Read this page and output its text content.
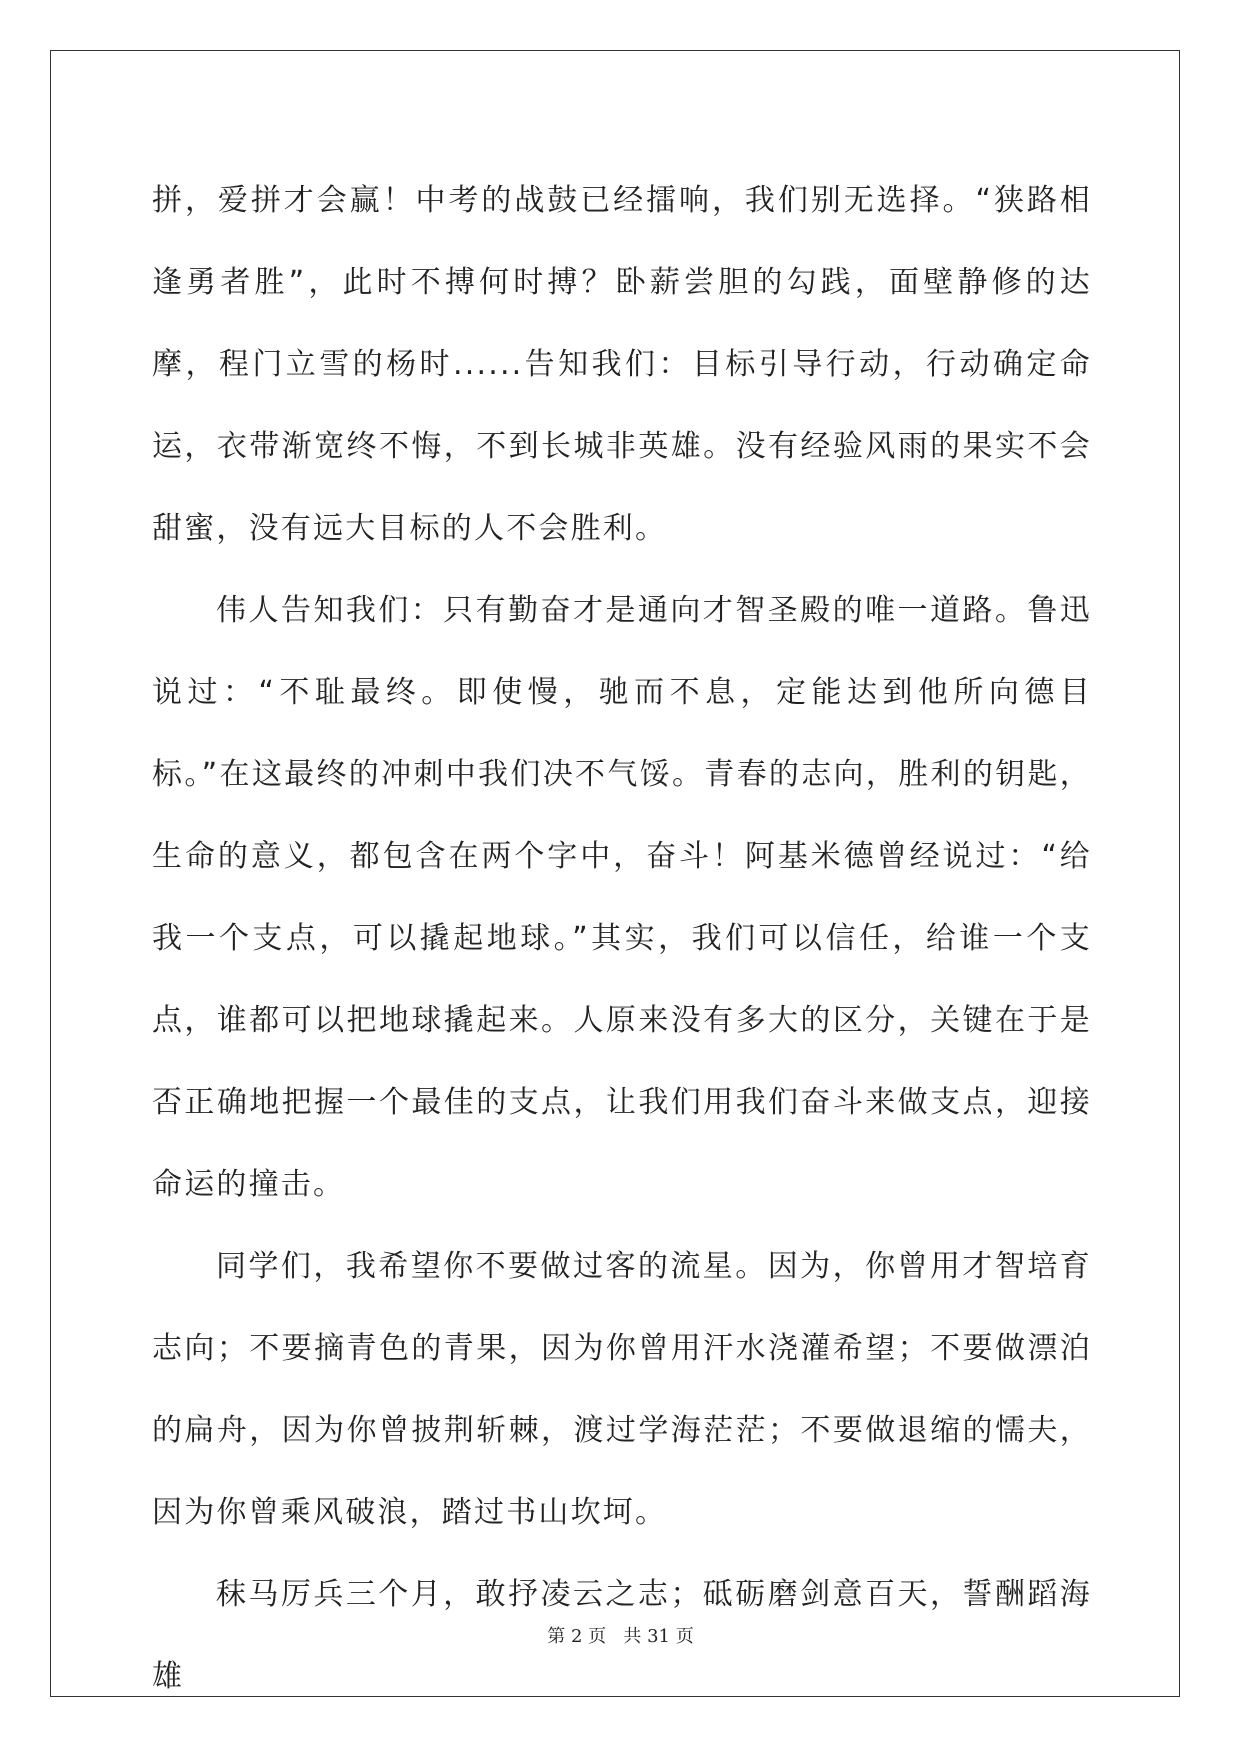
拼，爱拼才会赢！中考的战鼓已经擂响，我们别无选择。“狭路相逢勇者胜”，此时不搏何时搏？卧薪尝胆的勾践，面壁静修的达摩，程门立雪的杨时......告知我们：目标引导行动，行动确定命运，衣带渐宽终不悔，不到长城非英雄。没有经验风雨的果实不会甜蜜，没有远大目标的人不会胜利。

伟人告知我们：只有勤奋才是通向才智圣殿的唯一道路。鲁迅说过：“不耻最终。即使慢，驰而不息，定能达到他所向德目标。”在这最终的冲刺中我们决不气馁。青春的志向，胜利的钥匙，生命的意义，都包含在两个字中，奋斗！阿基米德曾经说过：“给我一个支点，可以撬起地球。”其实，我们可以信任，给谁一个支点，谁都可以把地球撬起来。人原来没有多大的区分，关键在于是否正确地把握一个最佳的支点，让我们用我们奋斗来做支点，迎接命运的撞击。

同学们，我希望你不要做过客的流星。因为，你曾用才智培育志向；不要摘青色的青果，因为你曾用汗水浇灌希望；不要做漂泊的扁舟，因为你曾披荆斩棘，渡过学海茫茫；不要做退缩的懦夫，因为你曾乘风破浪，踏过书山坎坷。

秣马厉兵三个月，敢抒凌云之志；砥砺磨剑意百天，誓酬蹈海雄

第 2 页   共 31 页
